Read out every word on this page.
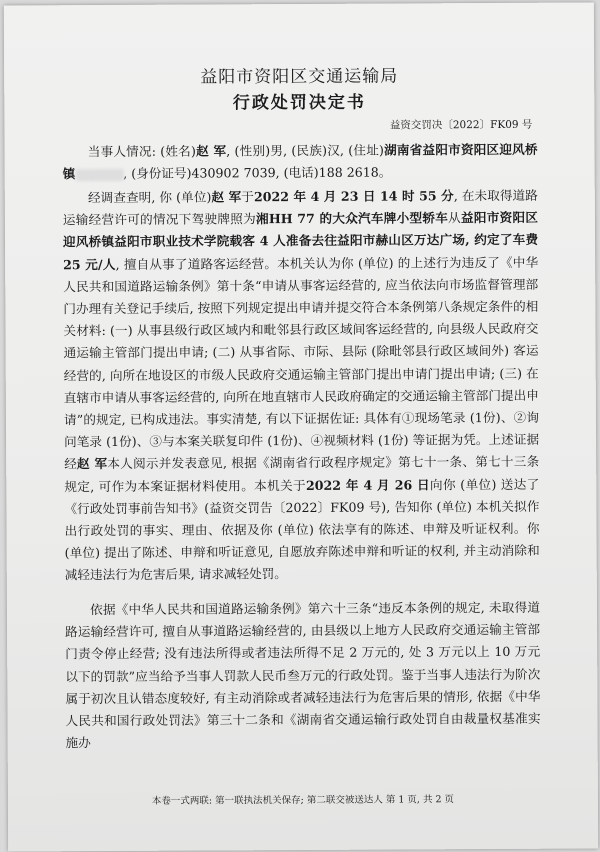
益阳市资阳区交通运输局
行政处罚决定书
益资交罚决〔2022〕FK09 号

当事人情况: (姓名)赵 军, (性别)男, (民族)汉, (住址)湖南省益阳市资阳区迎风桥镇	, (身份证号)430902 7039, (电话)188 2618。

经调查查明, 你 (单位)赵 军于2022 年 4 月 23 日 14 时 55 分, 在未取得道路运输经营许可的情况下驾驶牌照为湘HH 77 的大众汽车牌小型轿车从益阳市资阳区迎风桥镇益阳市职业技术学院载客 4 人准备去往益阳市赫山区万达广场, 约定了车费 25 元/人, 擅自从事了道路客运经营。本机关认为你 (单位) 的上述行为违反了《中华人民共和国道路运输条例》第十条“申请从事客运经营的, 应当依法向市场监督管理部门办理有关登记手续后, 按照下列规定提出申请并提交符合本条例第八条规定条件的相关材料: (一) 从事县级行政区域内和毗邻县行政区域间客运经营的, 向县级人民政府交通运输主管部门提出申请; (二) 从事省际、市际、县际 (除毗邻县行政区域间外) 客运经营的, 向所在地设区的市级人民政府交通运输主管部门提出申请门提出申请; (三) 在直辖市申请从事客运经营的, 向所在地直辖市人民政府确定的交通运输主管部门提出申请”的规定, 已构成违法。事实清楚, 有以下证据佐证: 具体有①现场笔录 (1份)、②询问笔录 (1份)、③与本案关联复印件 (1份)、④视频材料 (1份) 等证据为凭。上述证据经赵 军本人阅示并发表意见, 根据《湖南省行政程序规定》第七十一条、第七十三条规定, 可作为本案证据材料使用。本机关于2022 年 4 月 26 日向你 (单位) 送达了《行政处罚事前告知书》(益资交罚告〔2022〕FK09 号), 告知你 (单位) 本机关拟作出行政处罚的事实、理由、依据及你 (单位) 依法享有的陈述、申辩及听证权利。你 (单位) 提出了陈述、申辩和听证意见, 自愿放弃陈述申辩和听证的权利, 并主动消除和减轻违法行为危害后果, 请求减轻处罚。

依据《中华人民共和国道路运输条例》第六十三条“违反本条例的规定, 未取得道路运输经营许可, 擅自从事道路运输经营的, 由县级以上地方人民政府交通运输主管部门责令停止经营; 没有违法所得或者违法所得不足 2 万元的, 处 3 万元以上 10 万元以下的罚款”应当给予当事人罚款人民币叁万元的行政处罚。鉴于当事人违法行为阶次属于初次且认错态度较好, 有主动消除或者减轻违法行为危害后果的情形, 依据《中华人民共和国行政处罚法》第三十二条和《湖南省交通运输行政处罚自由裁量权基准实施办

本卷一式两联: 第一联执法机关保存; 第二联交被送达人 第 1 页, 共 2 页
